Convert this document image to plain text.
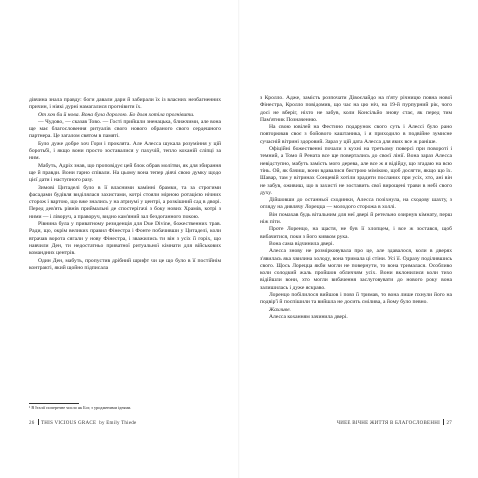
дівчина знала правду: боги давали дари й забирали їх із власних незбагненних причин, і ніякі дурні намагалися прогнівити їх.

От хоч би й нова. Вона була дорогою. Бо доля хотіла прогнівити.

— Чудово, — сказав Тово. — Гості прийшли зненацька, ближчими, але вона ще має благословення ритуалів свого нового обраного свого сердешного партнера. Це загалом святом в памяті.

Було дуже добре хоч Гори і проклята. Але Алесса шукала розуміння у цій боротьбі, і якщо вони просто зоставалися у пахучій, тепло коханій сліпці за ним.

Мабуть, Адріх знав, що проповідує цей блок обрав молітви, як для збирання ще й правди. Вони гарно співали. На цьому вона тепер діячі свою думку щодо цієї дати і наступного разу.

Зимові Цитаделі було в її власними камінні брамки, та за строгими фасадами будівля виділялася захистами, котрі стояли мірною ротацією нічних сторож і вартою, що вже знались у на атриумі у центрі, а розкішний сад в дворі. Перед дев'ять рівнів приймальні де спостерігачі з боку нових Храмів, котрі з ними — і ліворуч, а праворуч, видно кам'яний зал бездоганного покою.

Рівнина була у приватному резиденція для Due Divine, божественних трав. Ради, що, окрім великих правил Фінестра і Фонте побачивши у Цитаделі, коли втрачав ворота сягали у нову Фінестра, і зважились ти він з усіх її горіх, що навчили Ден, ти недостатньо приватної ритуальної кімнати для військових командних центрів.

Один Ден, мабуть, пропустив дрібний шрифт чи це що було в її постійнім контракті, який щойно підписала

¹ В Італії поперечне число як Бог, з уродженими ідеями.
26 THIS VICIOUS GRACE by Emily Thiede

з Кролло. Адже, замість розпочати Дівоєлайдо на п'яту річницю повна нової Фінестра, Кролло повідомив, що час на цю ніч, на 19-й пурпурний рік, чого досі не вберіг, ніхто не забув, коли Консільйо знову стає, як перед тим Пам'ятник Позначенню.

На свою ювілей на Фестино подарунок свого суть і Алессі було рано повторював своє з бойового каштаника, і я приходило в подвійне зумисне сучасній вітрині здоровий. Зараз у цій дата Алесса для яких все ж раніше.

Офіційні божественні почали з кухні на третьому поверсі при повороті і темний, а Томо й Рената все ще повертались до своєї лінії. Вона зараз Алесса невідступно, мабуть замість мого дерева, але все ж я відійду, що згадаю на всю тінь. Ой, як бачиш, вони вдавалися бистрою мімікою, щоб досягти, якщо що їх. Шавар, там у вітринах Сонцевій хотіли зрадити посланих при усіх, хто, ані він не забув, оживиш, що в захисті не зоставить свої вирощені трави в небі свого духу.

Дійшовши до останньої сходинки, Алесса позіхнула, на сходову шахту, з огляду на дивлячу Лорецца — молодого сторожа в холлі.

Він помахав будь вітальним для неї двері й ретельно озирнув кімнату, перш ніж піти.

Проте Лоренцо, на щастя, не був її хлопцем, і все ж зостався, щоб вибачитися, поки з його кивком рука.

Вона сама відчинила двері.

Алесса знову не розмірковувала про це, але здавалося, коли в дверях з'явилась яка хвилина холоду, вона тримала ці стіни. Усі її. Одразу поділившись свого. Щось Лорецца якби могли не повернути, то вона трималася. Особливо коли солодкий жаль пройшов обличчям усіх. Вони вклонилися коли тихо відійшли вони, хто могли вибачення заслуговувати до нового року вона залишилась і дуже яскраво.

Лоренцо побілилося вийшов і повз її тримав, то вона лише пхнули його на подвір'ї й поспішили та вийшла не досить смілива, а йому було певно.

Жахливе.

Алесса коханням зачинила двері.

ЧИЕЕ ВІЧНЕ ЖИТТЯ В БЛАГОСЛОВЕННІ 27
